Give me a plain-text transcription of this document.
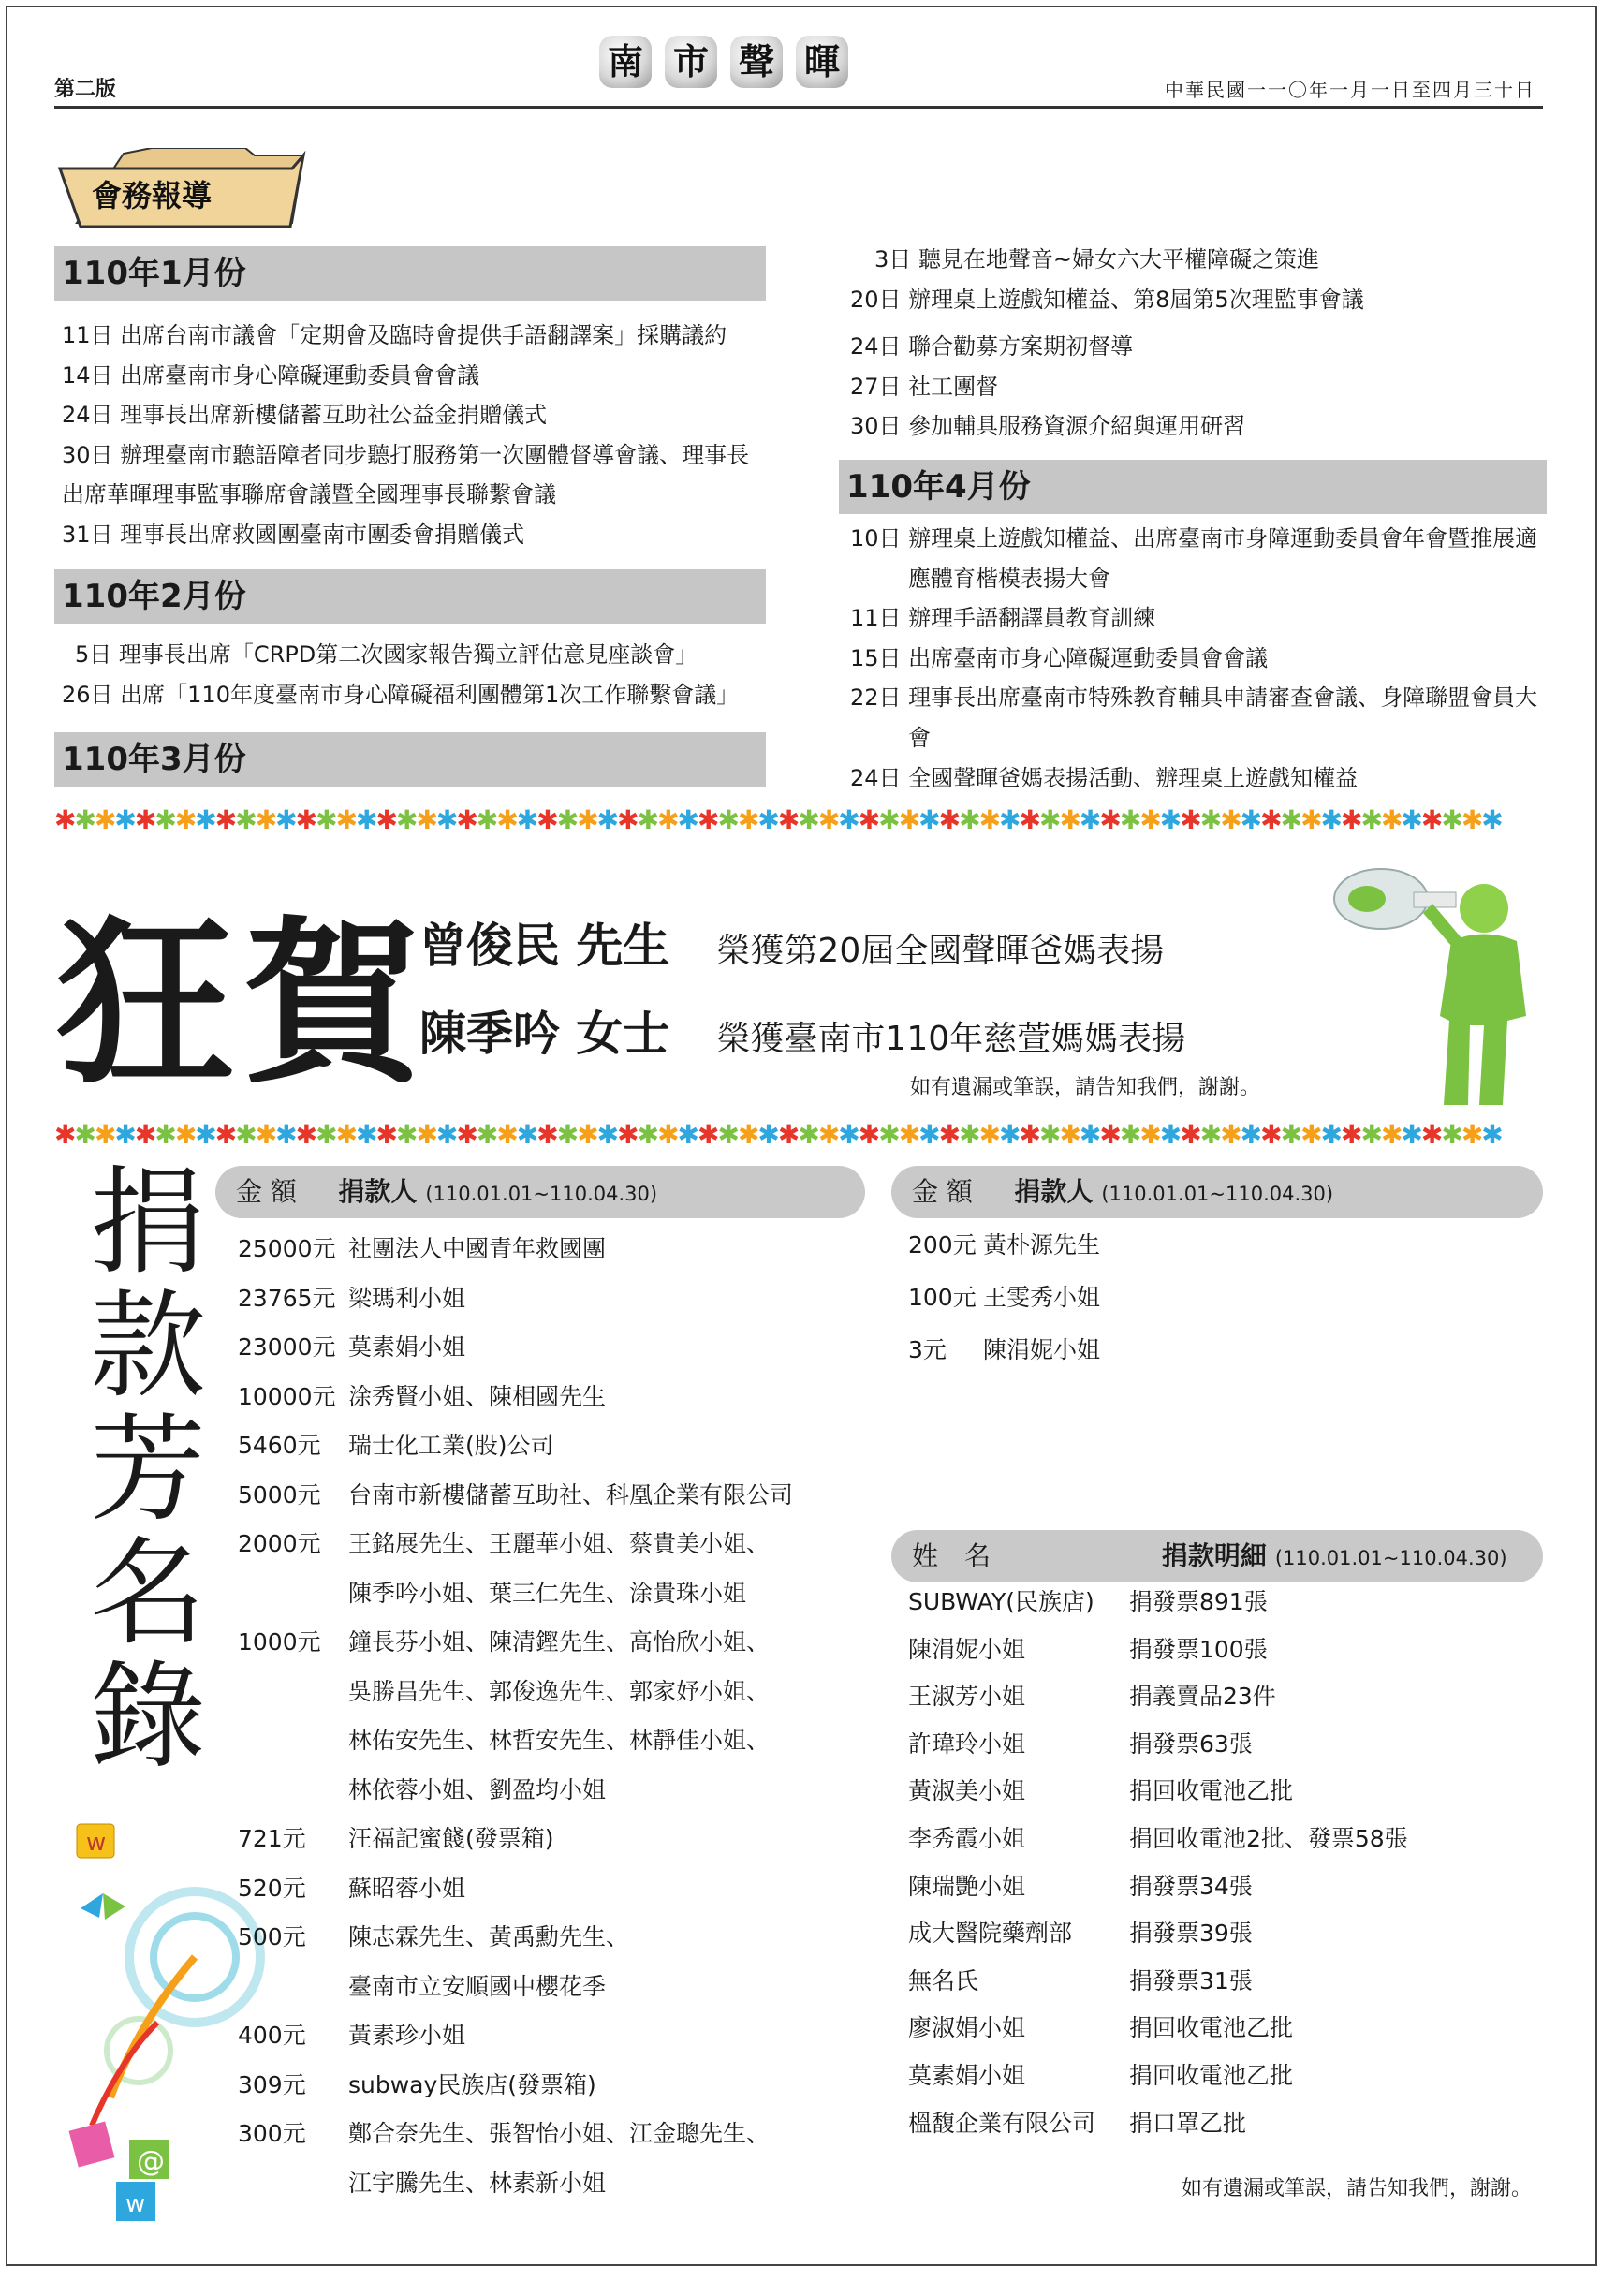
第二版
南 市 聲 暉
中華民國一一〇年一月一日至四月三十日
會務報導
110年1月份
11日 出席台南市議會「定期會及臨時會提供手語翻譯案」採購議約
14日 出席臺南市身心障礙運動委員會會議
24日 理事長出席新樓儲蓄互助社公益金捐贈儀式
30日 辦理臺南市聽語障者同步聽打服務第一次團體督導會議、理事長
出席華暉理事監事聯席會議暨全國理事長聯繫會議
31日 理事長出席救國團臺南市團委會捐贈儀式
110年2月份
5日 理事長出席「CRPD第二次國家報告獨立評估意見座談會」
26日 出席「110年度臺南市身心障礙福利團體第1次工作聯繫會議」
110年3月份
3日 聽見在地聲音~婦女六大平權障礙之策進
20日 辦理桌上遊戲知權益、第8屆第5次理監事會議
24日 聯合勸募方案期初督導
27日 社工團督
30日 參加輔具服務資源介紹與運用研習
110年4月份
10日 辦理桌上遊戲知權益、出席臺南市身障運動委員會年會暨推展適
應體育楷模表揚大會
11日 辦理手語翻譯員教育訓練
15日 出席臺南市身心障礙運動委員會會議
22日 理事長出席臺南市特殊教育輔具申請審查會議、身障聯盟會員大
會
24日 全國聲暉爸媽表揚活動、辦理桌上遊戲知權益
✱✱✱✱✱✱✱✱✱✱✱✱✱✱✱✱✱✱✱✱✱✱✱✱✱✱✱✱✱✱✱✱✱✱✱✱✱✱✱✱✱✱✱✱✱✱✱✱✱✱✱✱✱✱✱✱✱✱✱✱✱✱✱✱✱✱✱✱✱✱✱✱
✱✱✱✱✱✱✱✱✱✱✱✱✱✱✱✱✱✱✱✱✱✱✱✱✱✱✱✱✱✱✱✱✱✱✱✱✱✱✱✱✱✱✱✱✱✱✱✱✱✱✱✱✱✱✱✱✱✱✱✱✱✱✱✱✱✱✱✱✱✱✱✱
狂賀
曾俊民 先生 榮獲第20屆全國聲暉爸媽表揚
陳季吟 女士 榮獲臺南市110年慈萱媽媽表揚
如有遺漏或筆誤，請告知我們，謝謝。
捐款芳名錄
w
@
w
金 額 捐款人 (110.01.01~110.04.30)
25000元 社團法人中國青年救國團
23765元 梁瑪利小姐
23000元 莫素娟小姐
10000元 涂秀賢小姐、陳相國先生
5460元 瑞士化工業(股)公司
5000元 台南市新樓儲蓄互助社、科凰企業有限公司
2000元 王銘展先生、王麗華小姐、蔡貴美小姐、
陳季吟小姐、葉三仁先生、涂貴珠小姐
1000元 鐘長芬小姐、陳清鏗先生、高怡欣小姐、
吳勝昌先生、郭俊逸先生、郭家妤小姐、
林佑安先生、林哲安先生、林靜佳小姐、
林依蓉小姐、劉盈均小姐
721元 汪福記蜜餞(發票箱)
520元 蘇昭蓉小姐
500元 陳志霖先生、黃禹勳先生、
臺南市立安順國中櫻花季
400元 黃素珍小姐
309元 subway民族店(發票箱)
300元 鄭合奈先生、張智怡小姐、江金聰先生、
江宇騰先生、林素新小姐
金 額 捐款人 (110.01.01~110.04.30)
200元 黃朴源先生
100元 王雯秀小姐
3元 陳涓妮小姐
姓　名	捐款明細 (110.01.01~110.04.30)
SUBWAY(民族店) 捐發票891張
陳涓妮小姐	捐發票100張
王淑芳小姐	捐義賣品23件
許瑋玲小姐	捐發票63張
黃淑美小姐	捐回收電池乙批
李秀霞小姐	捐回收電池2批、發票58張
陳瑞艷小姐	捐發票34張
成大醫院藥劑部 捐發票39張
無名氏	捐發票31張
廖淑娟小姐	捐回收電池乙批
莫素娟小姐	捐回收電池乙批
榲馥企業有限公司 捐口罩乙批
如有遺漏或筆誤，請告知我們，謝謝。
